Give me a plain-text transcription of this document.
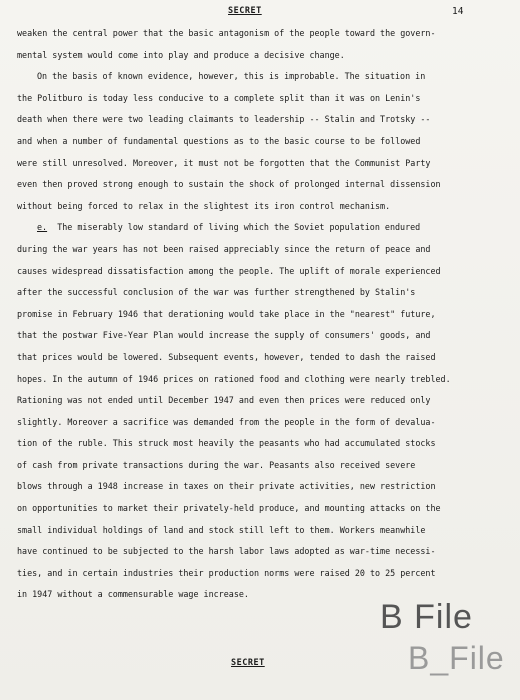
SECRET	14
weaken the central power that the basic antagonism of the people toward the govern-
mental system would come into play and produce a decisive change.
On the basis of known evidence, however, this is improbable. The situation in
the Politburo is today less conducive to a complete split than it was on Lenin's
death when there were two leading claimants to leadership -- Stalin and Trotsky --
and when a number of fundamental questions as to the basic course to be followed
were still unresolved. Moreover, it must not be forgotten that the Communist Party
even then proved strong enough to sustain the shock of prolonged internal dissension
without being forced to relax in the slightest its iron control mechanism.
e. The miserably low standard of living which the Soviet population endured
during the war years has not been raised appreciably since the return of peace and
causes widespread dissatisfaction among the people. The uplift of morale experienced
after the successful conclusion of the war was further strengthened by Stalin's
promise in February 1946 that derationing would take place in the "nearest" future,
that the postwar Five-Year Plan would increase the supply of consumers' goods, and
that prices would be lowered. Subsequent events, however, tended to dash the raised
hopes. In the autumn of 1946 prices on rationed food and clothing were nearly trebled.
Rationing was not ended until December 1947 and even then prices were reduced only
slightly. Moreover a sacrifice was demanded from the people in the form of devalua-
tion of the ruble. This struck most heavily the peasants who had accumulated stocks
of cash from private transactions during the war. Peasants also received severe
blows through a 1948 increase in taxes on their private activities, new restriction
on opportunities to market their privately-held produce, and mounting attacks on the
small individual holdings of land and stock still left to them. Workers meanwhile
have continued to be subjected to the harsh labor laws adopted as war-time necessi-
ties, and in certain industries their production norms were raised 20 to 25 percent
in 1947 without a commensurable wage increase.
B File
B_File
SECRET
